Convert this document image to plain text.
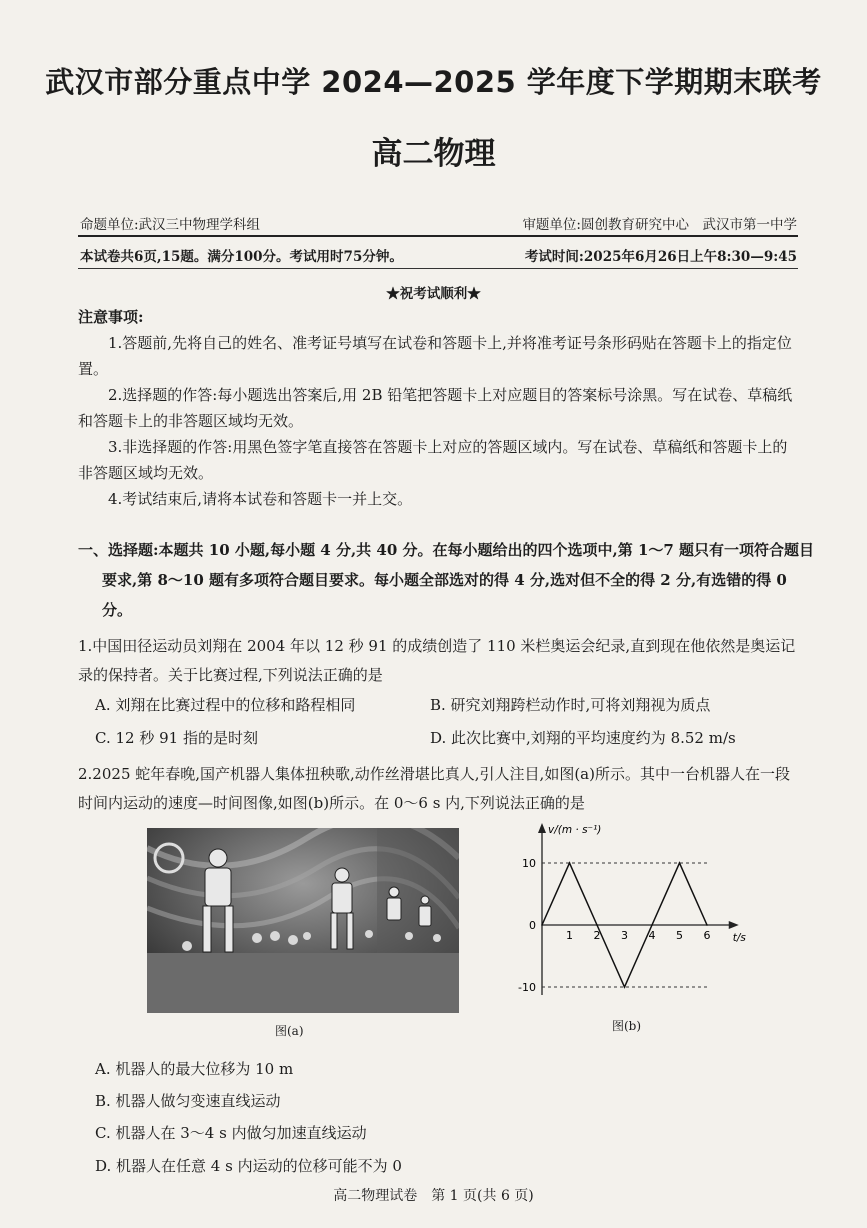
武汉市部分重点中学 2024—2025 学年度下学期期末联考
高二物理
命题单位:武汉三中物理学科组	审题单位:圆创教育研究中心　武汉市第一中学
本试卷共6页,15题。满分100分。考试用时75分钟。	考试时间:2025年6月26日上午8:30—9:45
★祝考试顺利★

注意事项:

1.答题前,先将自己的姓名、准考证号填写在试卷和答题卡上,并将准考证号条形码贴在答题卡上的指定位置。

2.选择题的作答:每小题选出答案后,用 2B 铅笔把答题卡上对应题目的答案标号涂黑。写在试卷、草稿纸和答题卡上的非答题区域均无效。

3.非选择题的作答:用黑色签字笔直接答在答题卡上对应的答题区域内。写在试卷、草稿纸和答题卡上的非答题区域均无效。

4.考试结束后,请将本试卷和答题卡一并上交。

一、选择题:本题共 10 小题,每小题 4 分,共 40 分。在每小题给出的四个选项中,第 1～7 题只有一项符合题目要求,第 8～10 题有多项符合题目要求。每小题全部选对的得 4 分,选对但不全的得 2 分,有选错的得 0 分。
1.中国田径运动员刘翔在 2004 年以 12 秒 91 的成绩创造了 110 米栏奥运会纪录,直到现在他依然是奥运记录的保持者。关于比赛过程,下列说法正确的是
A. 刘翔在比赛过程中的位移和路程相同	B. 研究刘翔跨栏动作时,可将刘翔视为质点
C. 12 秒 91 指的是时刻	D. 此次比赛中,刘翔的平均速度约为 8.52 m/s
2.2025 蛇年春晚,国产机器人集体扭秧歌,动作丝滑堪比真人,引人注目,如图(a)所示。其中一台机器人在一段时间内运动的速度—时间图像,如图(b)所示。在 0～6 s 内,下列说法正确的是
图(a)
v/(m · s⁻¹)
t/s
10
0
-10
1 2 3 4 5 6
图(b)
A. 机器人的最大位移为 10 m
B. 机器人做匀变速直线运动
C. 机器人在 3～4 s 内做匀加速直线运动
D. 机器人在任意 4 s 内运动的位移可能不为 0
高二物理试卷　第 1 页(共 6 页)
